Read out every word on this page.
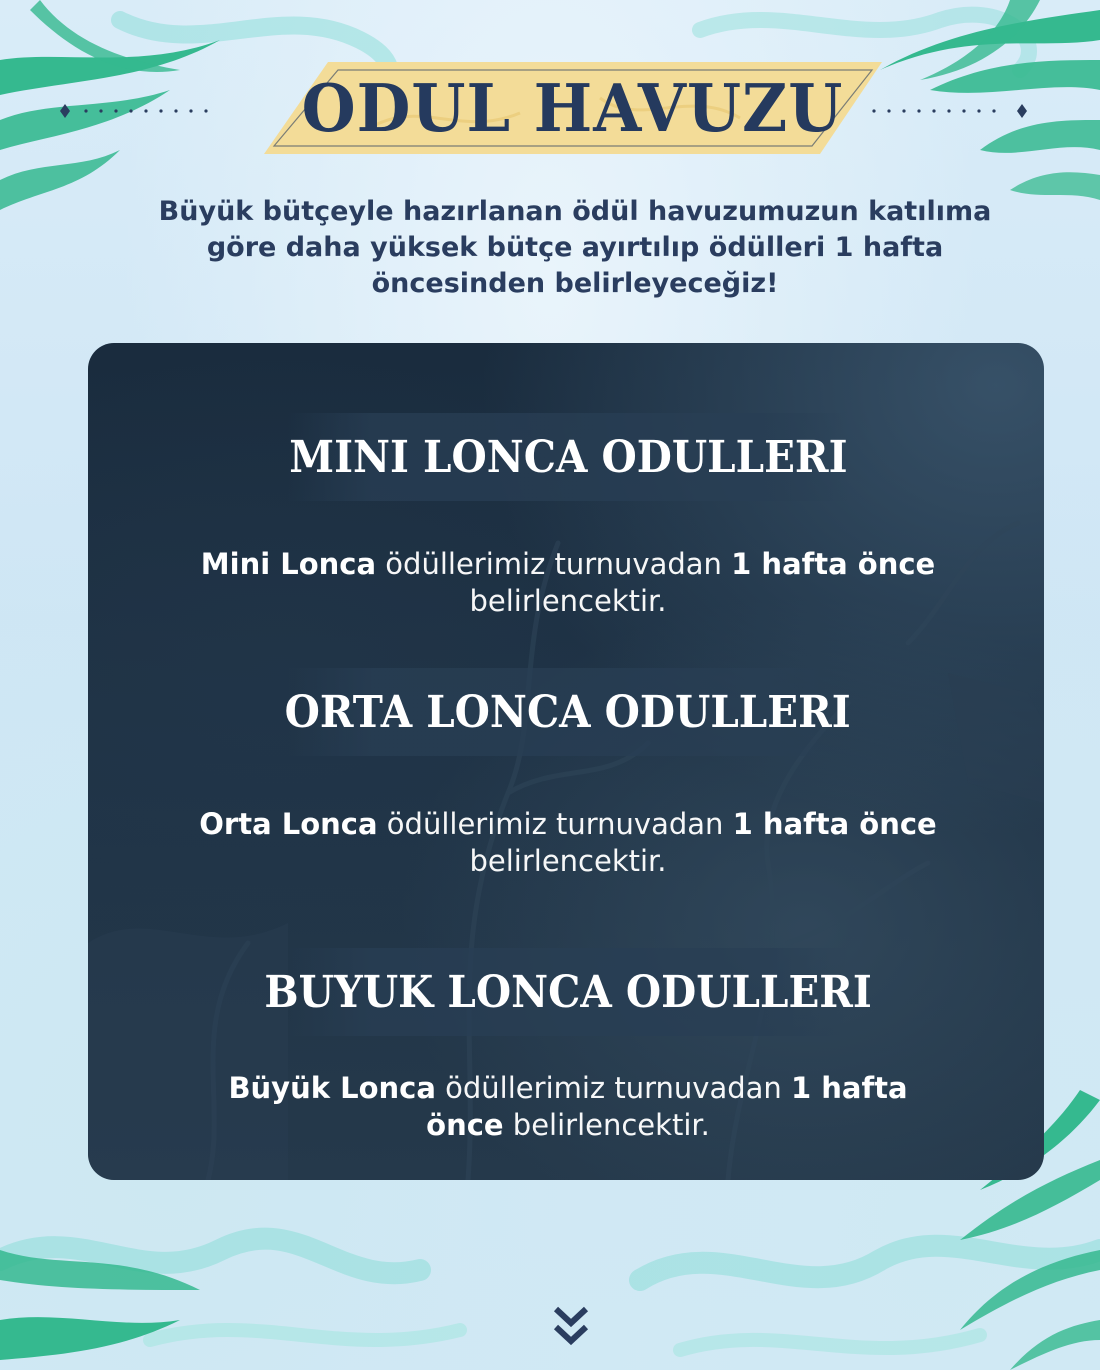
ODUL HAVUZU
Büyük bütçeyle hazırlanan ödül havuzumuzun katılıma göre daha yüksek bütçe ayırtılıp ödülleri 1 hafta öncesinden belirleyeceğiz!
MINI LONCA ODULLERI
Mini Lonca ödüllerimiz turnuvadan 1 hafta önce belirlencektir.
ORTA LONCA ODULLERI
Orta Lonca ödüllerimiz turnuvadan 1 hafta önce belirlencektir.
BUYUK LONCA ODULLERI
Büyük Lonca ödüllerimiz turnuvadan 1 hafta önce belirlencektir.
